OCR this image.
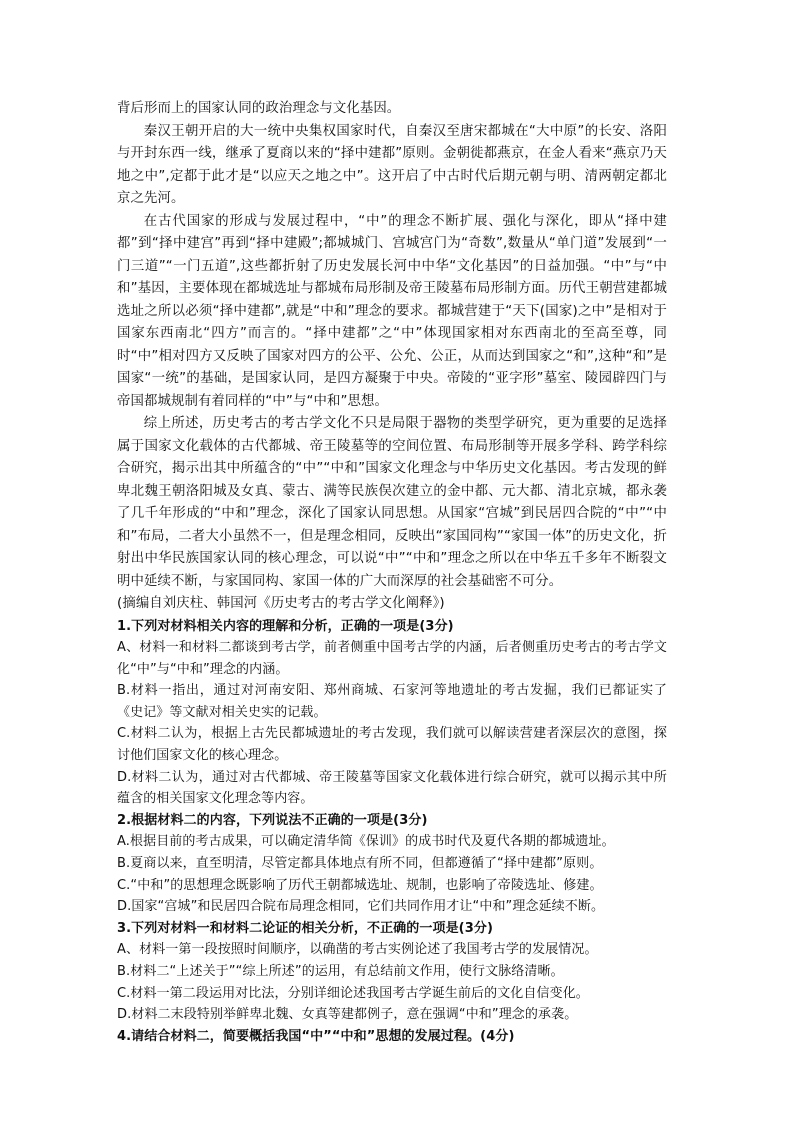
背后形而上的国家认同的政治理念与文化基因。

秦汉王朝开启的大一统中央集权国家时代，自秦汉至唐宋都城在“大中原”的长安、洛阳与开封东西一线，继承了夏商以来的“择中建都”原则。金朝徙都燕京，在金人看来“燕京乃天地之中”,定都于此才是“以应天之地之中”。这开启了中古时代后期元朝与明、清两朝定都北京之先河。

在古代国家的形成与发展过程中，“中”的理念不断扩展、强化与深化，即从“择中建都”到“择中建宫”再到“择中建殿”;都城城门、宫城宫门为“奇数”,数量从“单门道”发展到“一门三道”“一门五道”,这些都折射了历史发展长河中中华“文化基因”的日益加强。“中”与“中和”基因，主要体现在都城选址与都城布局形制及帝王陵墓布局形制方面。历代王朝营建都城选址之所以必须“择中建都”,就是“中和”理念的要求。都城营建于“天下(国家)之中”是相对于国家东西南北“四方”而言的。“择中建都”之“中”体现国家相对东西南北的至高至尊，同时“中”相对四方又反映了国家对四方的公平、公允、公正，从而达到国家之“和”,这种“和”是国家“一统”的基础，是国家认同，是四方凝聚于中央。帝陵的“亚字形”墓室、陵园辟四门与帝国都城规制有着同样的“中”与“中和”思想。

综上所述，历史考古的考古学文化不只是局限于器物的类型学研究，更为重要的足选择属于国家文化载体的古代都城、帝王陵墓等的空间位置、布局形制等开展多学科、跨学科综合研究，揭示出其中所蕴含的“中”“中和”国家文化理念与中华历史文化基因。考古发现的鲜卑北魏王朝洛阳城及女真、蒙古、满等民族俣次建立的金中都、元大都、清北京城，都永袭了几千年形成的“中和”理念，深化了国家认同思想。从国家“宫城”到民居四合院的“中”“中和”布局，二者大小虽然不一，但是理念相同，反映出“家国同构”“家国一体”的历史文化，折射出中华民族国家认同的核心理念，可以说“中”“中和”理念之所以在中华五千多年不断裂文明中延续不断，与家国同构、家国一体的广大而深厚的社会基础密不可分。

(摘编自刘庆柱、韩国河《历史考古的考古学文化阐释》)

1.下列对材料相关内容的理解和分析，正确的一项是(3分)

A、材料一和材料二都谈到考古学，前者侧重中国考古学的内涵，后者侧重历史考古的考古学文化“中”与“中和”理念的内涵。

B.材料一指出，通过对河南安阳、郑州商城、石家河等地遗址的考古发掘，我们已都证实了《史记》等文献对相关史实的记载。

C.材料二认为，根据上古先民都城遗址的考古发现，我们就可以解读营建者深层次的意图，探讨他们国家文化的核心理念。

D.材料二认为，通过对古代都城、帝王陵墓等国家文化载体进行综合研究，就可以揭示其中所蕴含的相关国家文化理念等内容。

2.根据材料二的内容，下列说法不正确的一项是(3分)

A.根据目前的考古成果，可以确定清华简《保训》的成书时代及夏代各期的都城遗址。

B.夏商以来，直至明清，尽管定都具体地点有所不同，但都遵循了“择中建都”原则。

C.“中和”的思想理念既影响了历代王朝都城选址、规制，也影响了帝陵选址、修建。

D.国家“宫城”和民居四合院布局理念相同，它们共同作用才让“中和”理念延续不断。

3.下列对材料一和材料二论证的相关分析，不正确的一项是(3分)

A、材料一第一段按照时间顺序，以确凿的考古实例论述了我国考古学的发展情况。

B.材料二“上述关于”“综上所述”的运用，有总结前文作用，使行文脉络清晰。

C.材料一第二段运用对比法，分别详细论述我国考古学诞生前后的文化自信变化。

D.材料二末段特别举鲜卑北魏、女真等建都例子，意在强调“中和”理念的承袭。

4.请结合材料二，简要概括我国“中”“中和”思想的发展过程。(4分)
